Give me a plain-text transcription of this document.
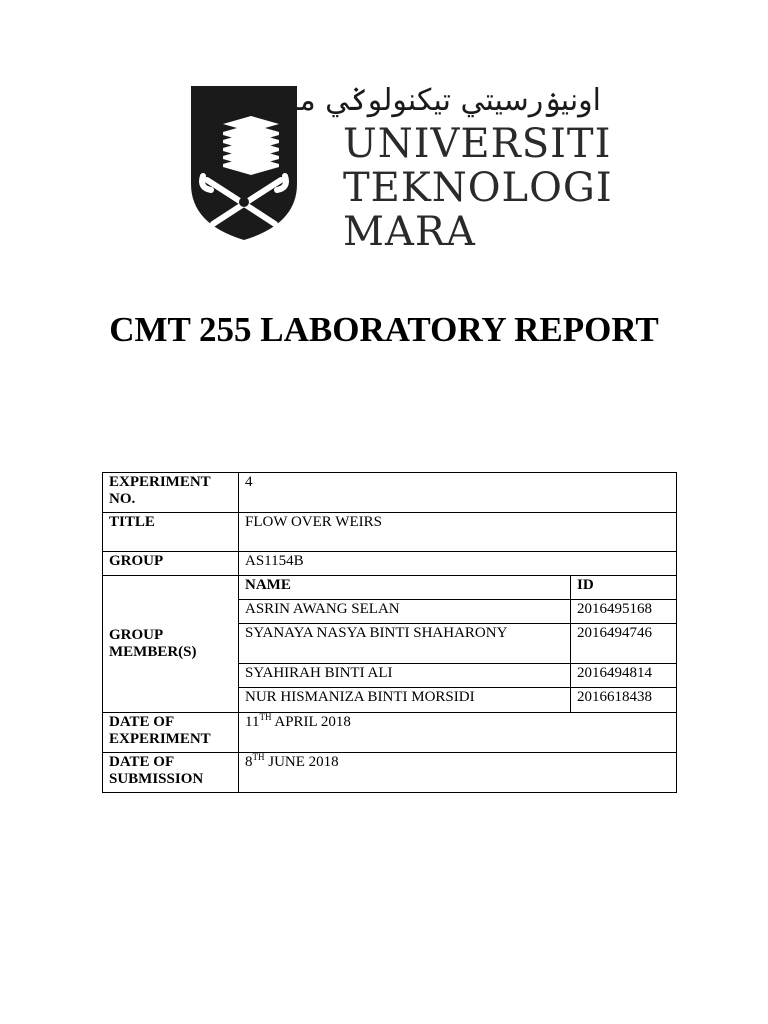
اونيۏرسيتي تيكنولوݢي مارا
UNIVERSITI
TEKNOLOGI
MARA
CMT 255 LABORATORY REPORT
EXPERIMENT NO.	4	
TITLE	FLOW OVER WEIRS	
GROUP	AS1154B	
GROUP MEMBER(S)	NAME	ID
	ASRIN AWANG SELAN	2016495168
	SYANAYA NASYA BINTI SHAHARONY	2016494746
	SYAHIRAH BINTI ALI	2016494814
	NUR HISMANIZA BINTI MORSIDI	2016618438
DATE OF EXPERIMENT	11TH APRIL 2018	
DATE OF SUBMISSION	8TH JUNE 2018	
